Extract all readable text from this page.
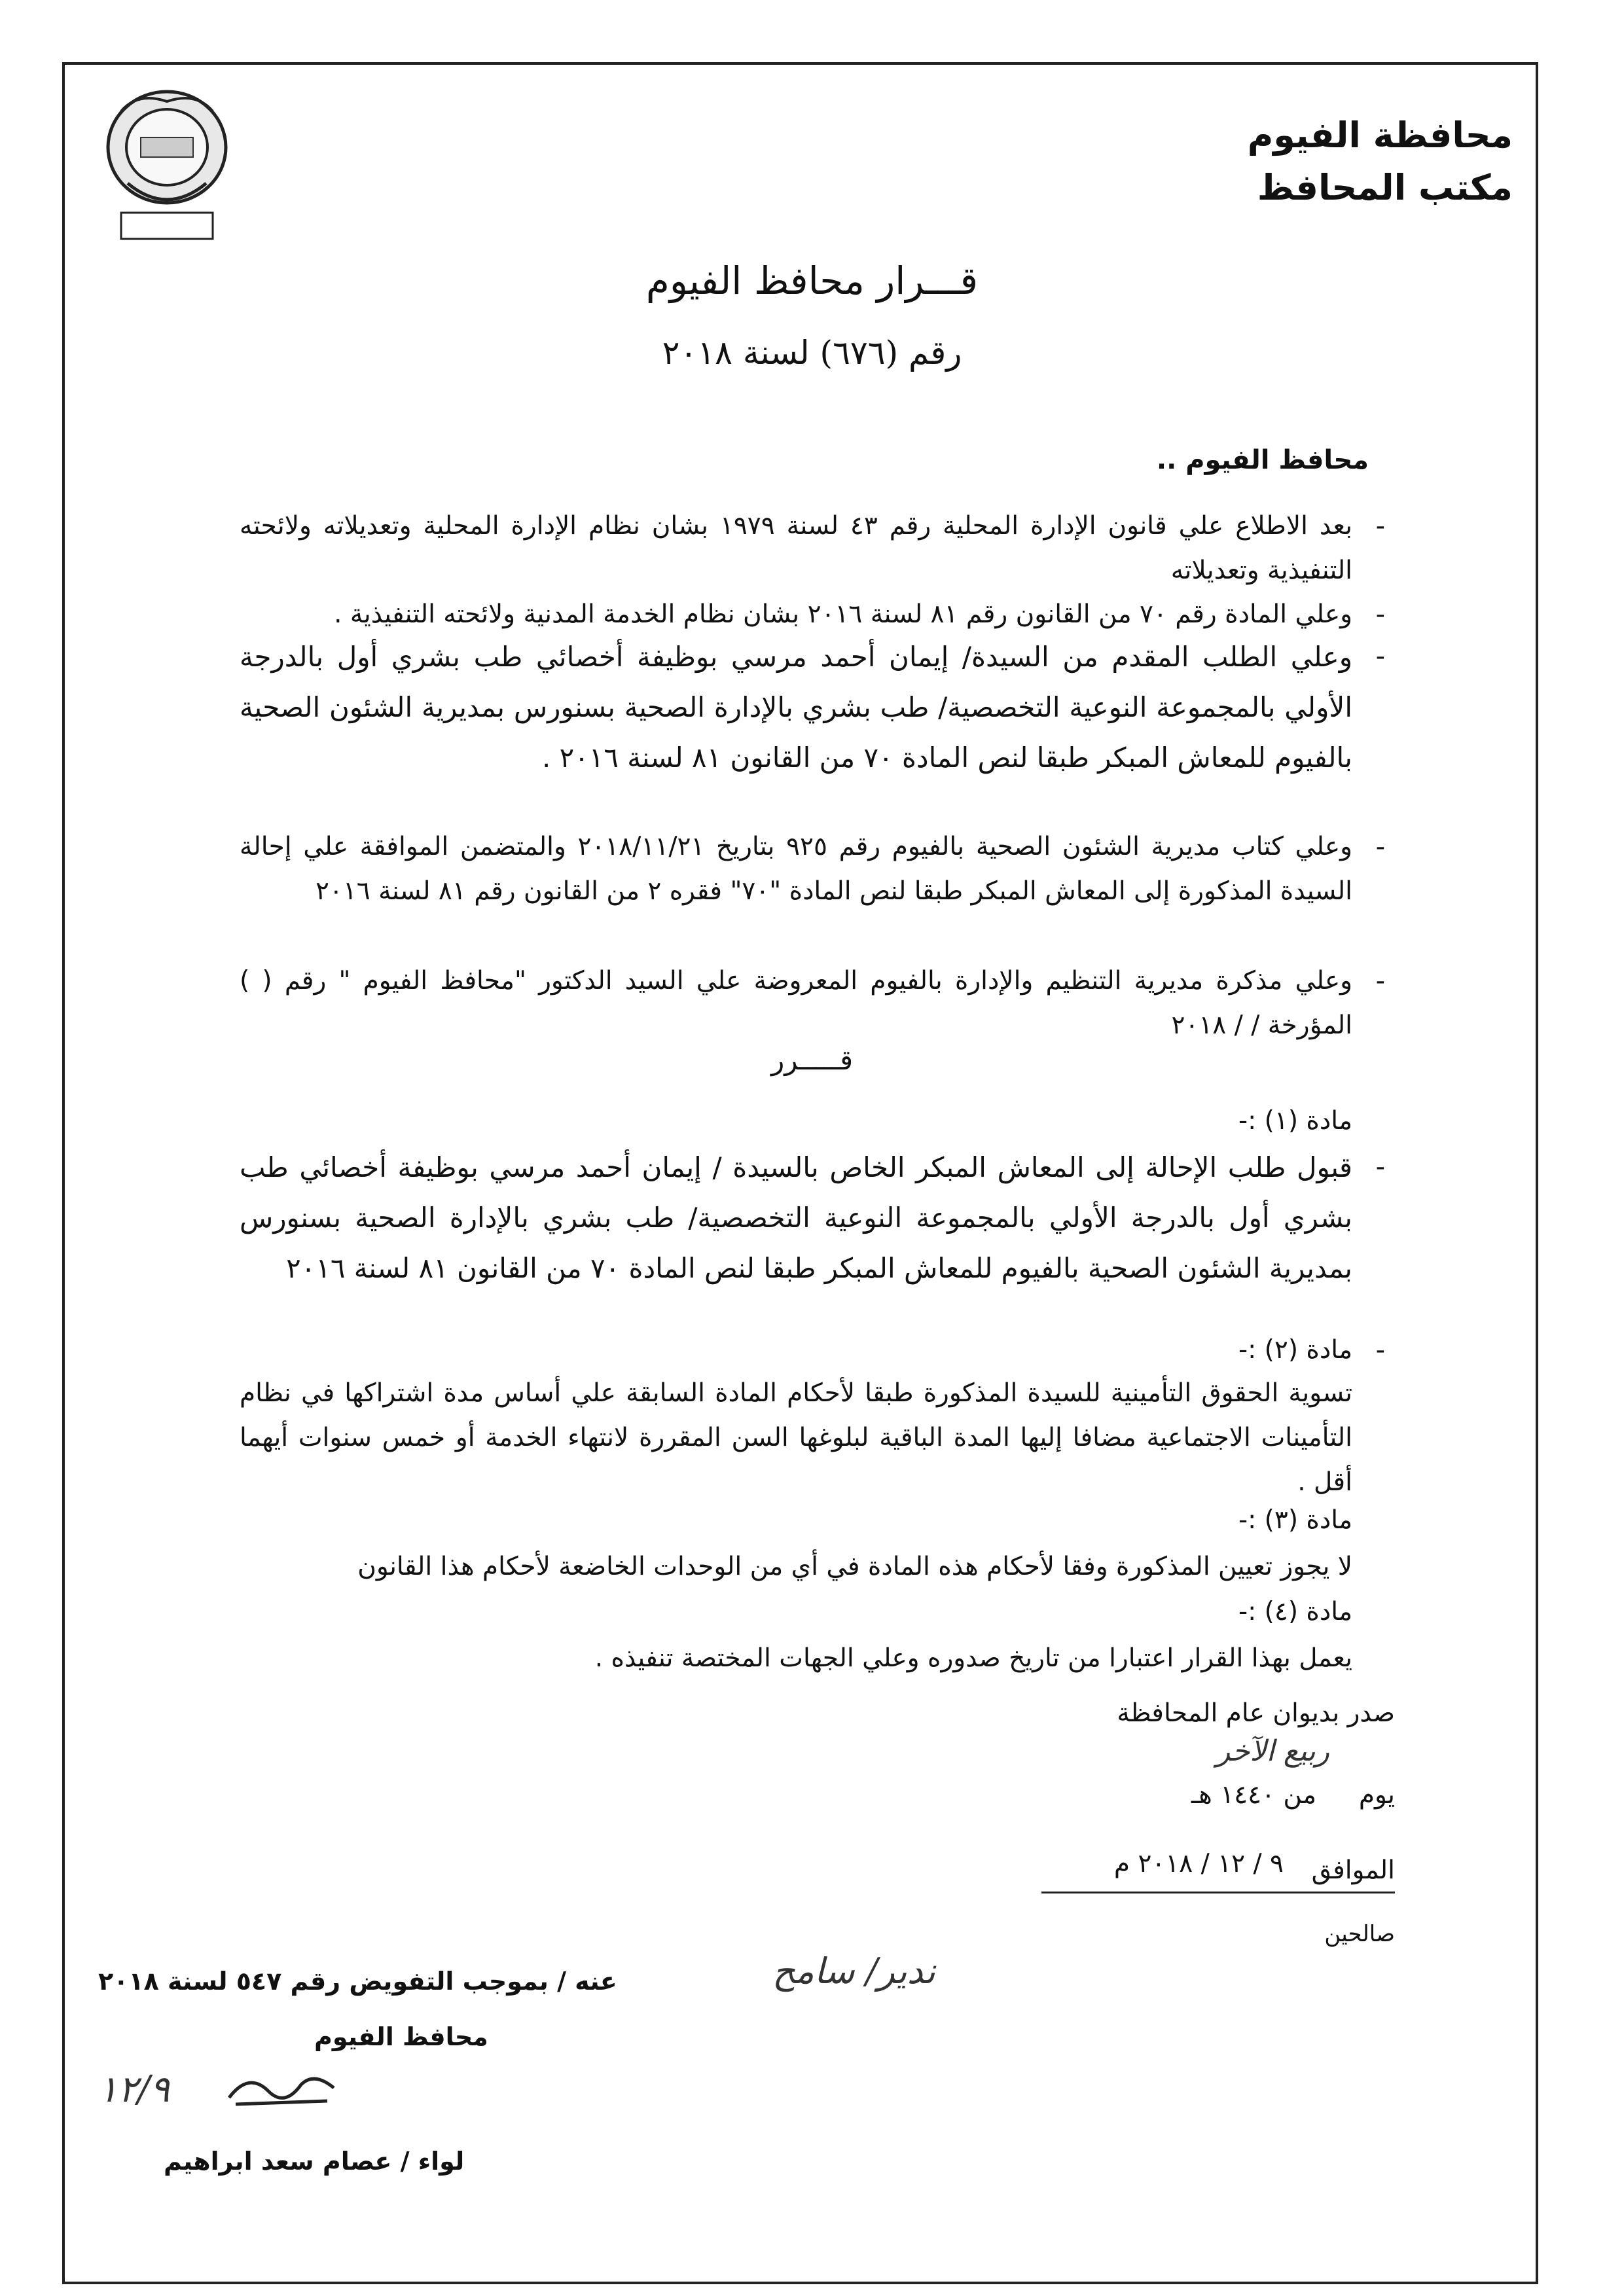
محافظة الفيوم
مكتب المحافظ
قـــرار محافظ الفيوم
رقم (٦٧٦) لسنة ٢٠١٨
محافظ الفيوم ..
-
بعد الاطلاع علي قانون الإدارة المحلية رقم ٤٣ لسنة ١٩٧٩ بشان نظام الإدارة المحلية وتعديلاته ولائحته التنفيذية وتعديلاته
-
وعلي المادة رقم ٧٠ من القانون رقم ٨١ لسنة ٢٠١٦ بشان نظام الخدمة المدنية ولائحته التنفيذية .
-
وعلي الطلب المقدم من السيدة/ إيمان أحمد مرسي بوظيفة أخصائي طب بشري أول بالدرجة الأولي بالمجموعة النوعية التخصصية/ طب بشري بالإدارة الصحية بسنورس بمديرية الشئون الصحية بالفيوم للمعاش المبكر طبقا لنص المادة ٧٠ من القانون ٨١ لسنة ٢٠١٦ .
-
وعلي كتاب مديرية الشئون الصحية بالفيوم رقم ٩٢٥ بتاريخ ٢٠١٨/١١/٢١ والمتضمن الموافقة علي إحالة السيدة المذكورة إلى المعاش المبكر طبقا لنص المادة "٧٠" فقره ٢ من القانون رقم ٨١ لسنة ٢٠١٦
-
وعلي مذكرة مديرية التنظيم والإدارة بالفيوم المعروضة علي السيد الدكتور "محافظ الفيوم " رقم ( ) المؤرخة / / ٢٠١٨
قـــــرر
مادة (١) :-
-
قبول طلب الإحالة إلى المعاش المبكر الخاص بالسيدة / إيمان أحمد مرسي بوظيفة أخصائي طب بشري أول بالدرجة الأولي بالمجموعة النوعية التخصصية/ طب بشري بالإدارة الصحية بسنورس بمديرية الشئون الصحية بالفيوم للمعاش المبكر طبقا لنص المادة ٧٠ من القانون ٨١ لسنة ٢٠١٦
-
مادة (٢) :-
تسوية الحقوق التأمينية للسيدة المذكورة طبقا لأحكام المادة السابقة علي أساس مدة اشتراكها في نظام التأمينات الاجتماعية مضافا إليها المدة الباقية لبلوغها السن المقررة لانتهاء الخدمة أو خمس سنوات أيهما أقل .
مادة (٣) :-
لا يجوز تعيين المذكورة وفقا لأحكام هذه المادة في أي من الوحدات الخاضعة لأحكام هذا القانون
مادة (٤) :-
يعمل بهذا القرار اعتبارا من تاريخ صدوره وعلي الجهات المختصة تنفيذه .
صدر بديوان عام المحافظة
يوم
من ١٤٤٠ هـ
ربيع الآخر
الموافق
٩ / ١٢ / ٢٠١٨ م
صالحين
ندير/ سامح
عنه / بموجب التفويض رقم ٥٤٧ لسنة ٢٠١٨
محافظ الفيوم
١٢/٩
لواء / عصام سعد ابراهيم
